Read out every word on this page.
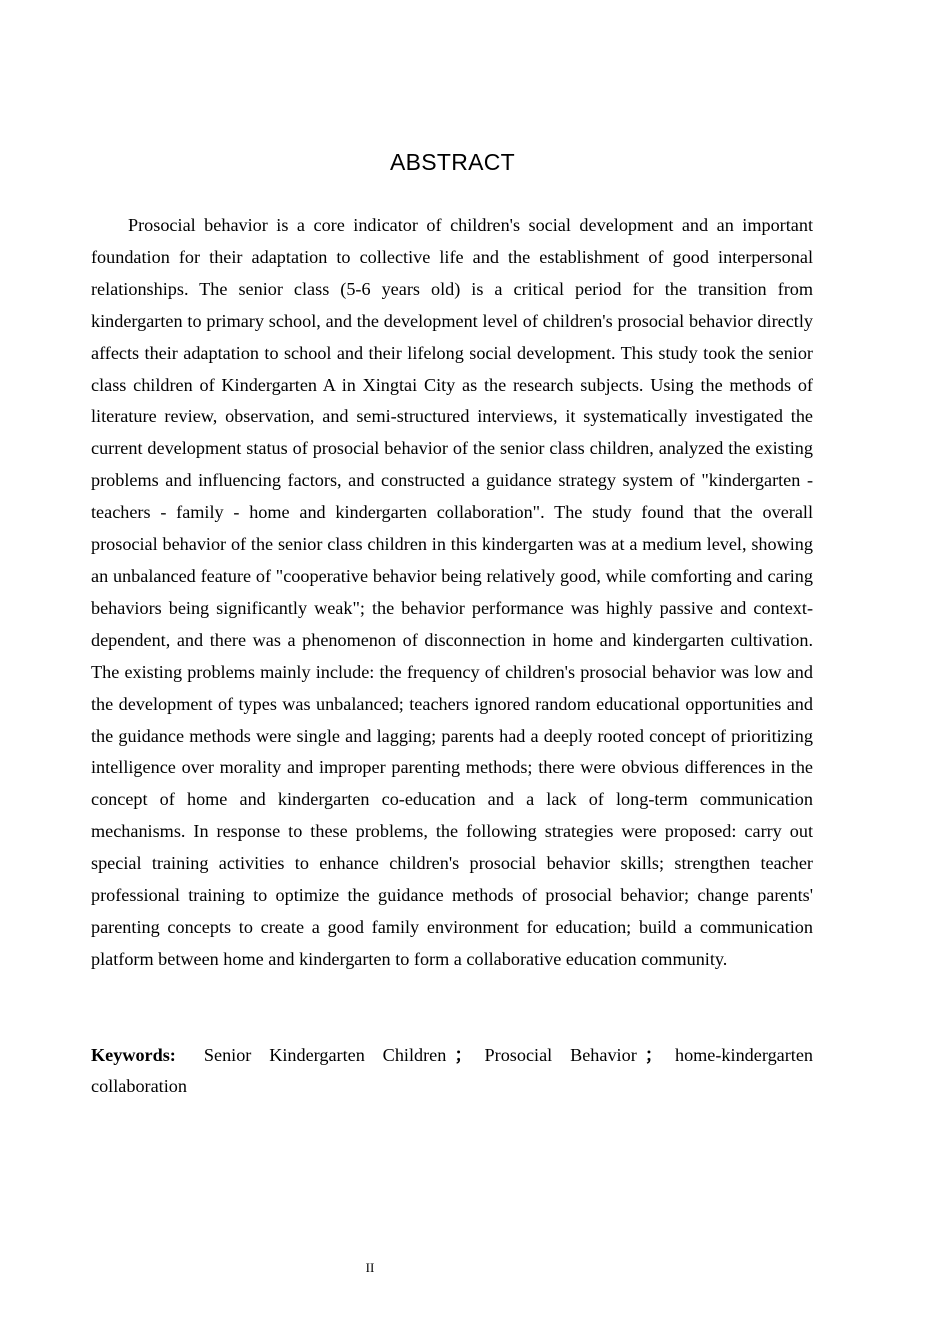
ABSTRACT

Prosocial behavior is a core indicator of children's social development and an important foundation for their adaptation to collective life and the establishment of good interpersonal relationships. The senior class (5-6 years old) is a critical period for the transition from kindergarten to primary school, and the development level of children's prosocial behavior directly affects their adaptation to school and their lifelong social development. This study took the senior class children of Kindergarten A in Xingtai City as the research subjects. Using the methods of literature review, observation, and semi-structured interviews, it systematically investigated the current development status of prosocial behavior of the senior class children, analyzed the existing problems and influencing factors, and constructed a guidance strategy system of "kindergarten - teachers - family - home and kindergarten collaboration". The study found that the overall prosocial behavior of the senior class children in this kindergarten was at a medium level, showing an unbalanced feature of "cooperative behavior being relatively good, while comforting and caring behaviors being significantly weak"; the behavior performance was highly passive and context-dependent, and there was a phenomenon of disconnection in home and kindergarten cultivation. The existing problems mainly include: the frequency of children's prosocial behavior was low and the development of types was unbalanced; teachers ignored random educational opportunities and the guidance methods were single and lagging; parents had a deeply rooted concept of prioritizing intelligence over morality and improper parenting methods; there were obvious differences in the concept of home and kindergarten co-education and a lack of long-term communication mechanisms. In response to these problems, the following strategies were proposed: carry out special training activities to enhance children's prosocial behavior skills; strengthen teacher professional training to optimize the guidance methods of prosocial behavior; change parents' parenting concepts to create a good family environment for education; build a communication platform between home and kindergarten to form a collaborative education community.

Keywords: Senior Kindergarten Children ； Prosocial Behavior ； home-kindergarten collaboration

II
